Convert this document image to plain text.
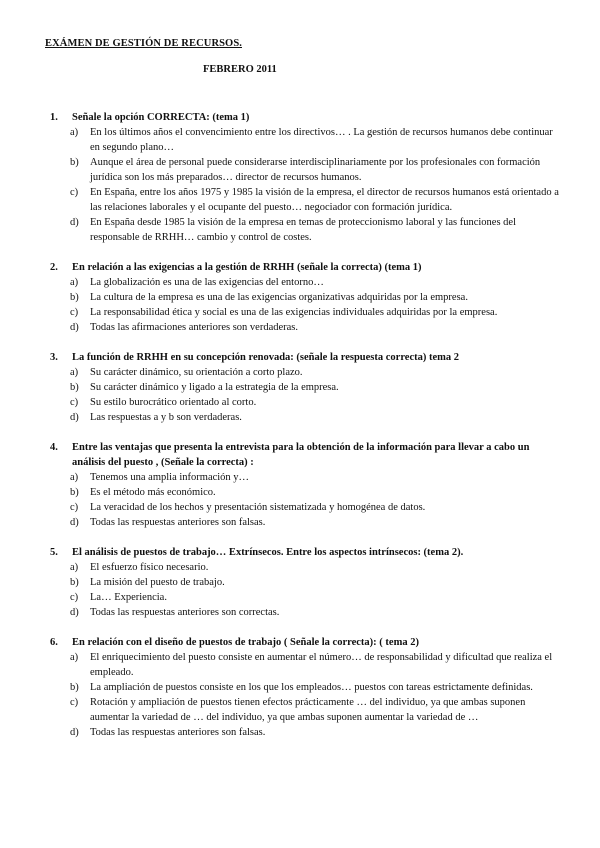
EXÁMEN DE GESTIÓN DE RECURSOS.
FEBRERO 2011
1.	Señale la opción CORRECTA: (tema 1)
a)	En los últimos años el convencimiento entre los directivos… . La gestión de recursos humanos debe continuar en segundo plano…
b)	Aunque el área de personal puede considerarse interdisciplinariamente por los profesionales con formación jurídica son los más preparados… director de recursos humanos.
c)	En España, entre los años 1975 y 1985 la visión de la empresa, el director de recursos humanos está orientado a las relaciones laborales y el ocupante del puesto… negociador con formación jurídica.
d)	En España desde 1985 la visión de la empresa en temas de proteccionismo laboral y las funciones del responsable de RRHH… cambio y control de costes.
2.	En relación a las exigencias a la gestión de RRHH (señale la correcta) (tema 1)
a)	La globalización es una de las exigencias del entorno…
b)	La cultura de la empresa es una de las exigencias organizativas adquiridas por la empresa.
c)	La responsabilidad ética y social es una de las exigencias individuales adquiridas por la empresa.
d)	Todas las afirmaciones anteriores son verdaderas.
3.	La función de RRHH en su concepción renovada: (señale la respuesta correcta) tema 2
a)	Su carácter dinámico, su orientación a corto plazo.
b)	Su carácter dinámico y ligado a la estrategia de la empresa.
c)	Su estilo burocrático orientado al corto.
d)	Las respuestas a y b son verdaderas.
4.	Entre las ventajas que presenta la entrevista para la obtención de la información para llevar a cabo un análisis del puesto , (Señale la correcta) :
a)	Tenemos una amplia información y…
b)	Es el método más económico.
c)	La veracidad de los hechos y presentación sistematizada y homogénea de datos.
d)	Todas las respuestas anteriores son falsas.
5.	El análisis de puestos de trabajo… Extrínsecos. Entre los aspectos intrínsecos: (tema 2).
a)	El esfuerzo físico necesario.
b)	La misión del puesto de trabajo.
c)	La… Experiencia.
d)	Todas las respuestas anteriores son correctas.
6.	En relación con el diseño de puestos de trabajo ( Señale la correcta): ( tema 2)
a)	El enriquecimiento del puesto consiste en aumentar el número… de responsabilidad y dificultad que realiza el empleado.
b)	La ampliación de puestos consiste en los que los empleados… puestos con tareas estrictamente definidas.
c)	Rotación y ampliación de puestos tienen efectos prácticamente … del individuo, ya que ambas suponen aumentar la variedad de … del individuo, ya que ambas suponen aumentar la variedad de …
d)	Todas las respuestas anteriores son falsas.
